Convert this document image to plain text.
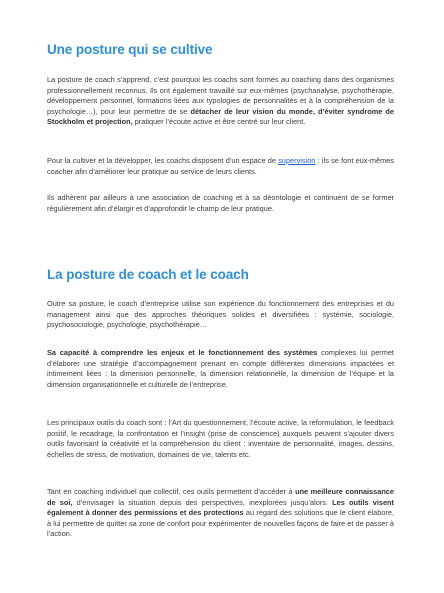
Une posture qui se cultive

La posture de coach s’apprend, c’est pourquoi les coachs sont formés au coaching dans des organismes professionnellement reconnus. Ils ont également travaillé sur eux-mêmes (psychanalyse, psychothérapie, développement personnel, formations liées aux typologies de personnalités et à la compréhension de la psychologie…), pour leur permettre de se détacher de leur vision du monde, d’éviter syndrome de Stockholm et projection, pratiquer l’écoute active et être centré sur leur client.

Pour la cultiver et la développer, les coachs disposent d’un espace de supervision : ils se font eux-mêmes coacher afin d’améliorer leur pratique au service de leurs clients.

Ils adhèrent par ailleurs à une association de coaching et à sa déontologie et continuent de se former régulièrement afin d’élargir et d’approfondir le champ de leur pratique.

La posture de coach et le coach

Outre sa posture, le coach d’entreprise utilise son expérience du fonctionnement des entreprises et du management ainsi que des approches théoriques solides et diversifiées : systémie, sociologie, psychosociologie, psychologie, psychothérapie…

Sa capacité à comprendre les enjeux et le fonctionnement des systèmes complexes lui permet d’élaborer une stratégie d’accompagnement prenant en compte différentes dimensions impactées et intimement liées : la dimension personnelle, la dimension relationnelle, la dimension de l’équipe et la dimension organisationnelle et culturelle de l’entreprise.

Les principaux outils du coach sont : l’Art du questionnement, l’écoute active, la reformulation, le feedback positif, le recadrage, la confrontation et l’insight (prise de conscience) auxquels peuvent s’ajouter divers outils favorisant la créativité et la compréhension du client : inventaire de personnalité, images, dessins, échelles de stress, de motivation, domaines de vie, talents etc.

Tant en coaching individuel que collectif, ces outils permettent d’accéder à une meilleure connaissance de soi, d’envisager la situation depuis des perspectives, inexplorées jusqu’alors. Les outils visent également à donner des permissions et des protections au regard des solutions que le client élabore, à lui permettre de quitter sa zone de confort pour expérimenter de nouvelles façons de faire et de passer à l’action.
